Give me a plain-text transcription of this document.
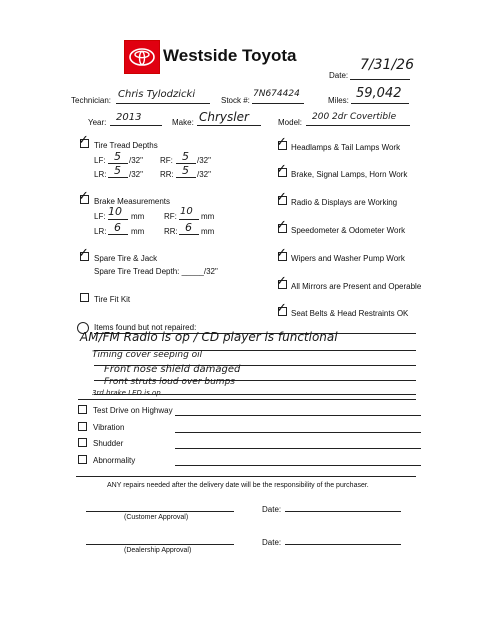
Westside Toyota
Date:
7/31/26
Technician:
Chris Tylodzicki
Stock #:
7N674424
Miles: 59,042
Year: 2013	Make: Chrysler	Model:
200 2dr Covertible
✓ Tire Tread Depths
LF: 5 /32" RF: 5 /32"
LR: 5 /32" RR: 5 /32"
✓ Brake Measurements
LF: 10 mm RF: 10 mm
LR: 6 mm RR: 6 mm
✓ Spare Tire & Jack
Spare Tire Tread Depth: _____/32"
Tire Fit Kit
✓ Headlamps & Tail Lamps Work
✓ Brake, Signal Lamps, Horn Work
✓ Radio & Displays are Working
✓ Speedometer & Odometer Work
✓ Wipers and Washer Pump Work
✓ All Mirrors are Present and Operable
✓ Seat Belts & Head Restraints OK
Items found but not repaired:
AM/FM Radio is op / CD player is functional
Timing cover seeping oil
Front nose shield damaged
Front struts loud over bumps
3rd brake LED is op
Test Drive on Highway
Vibration
Shudder
Abnormality
ANY repairs needed after the delivery date will be the responsibility of the purchaser.
(Customer Approval)
Date:
(Dealership Approval)
Date:
